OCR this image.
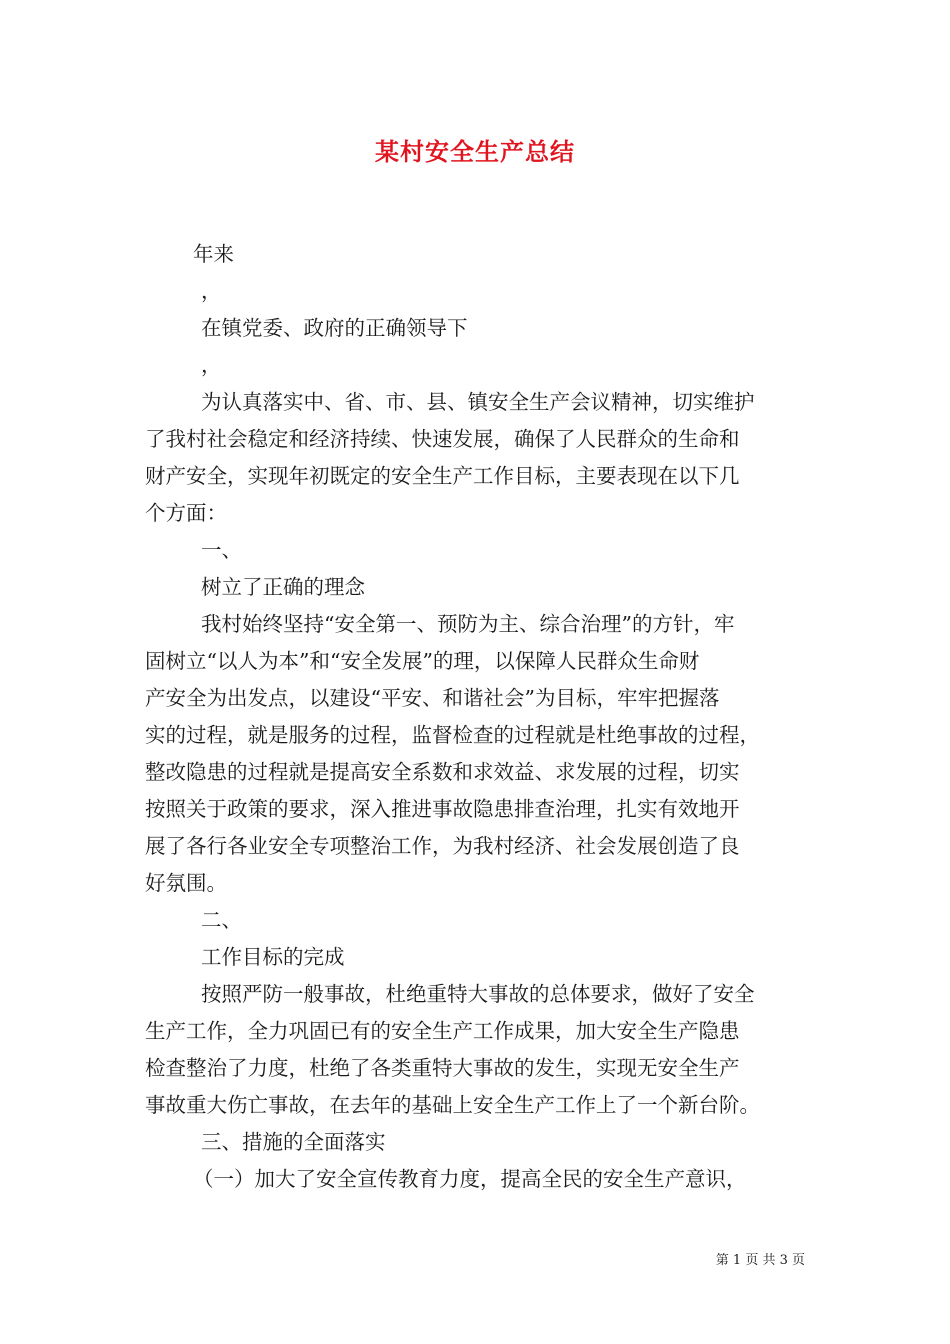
某村安全生产总结
年来
，
在镇党委、政府的正确领导下
，
为认真落实中、省、市、县、镇安全生产会议精神，切实维护
了我村社会稳定和经济持续、快速发展，确保了人民群众的生命和
财产安全，实现年初既定的安全生产工作目标，主要表现在以下几
个方面：
一、
树立了正确的理念
我村始终坚持“安全第一、预防为主、综合治理”的方针，牢
固树立“以人为本”和“安全发展”的理，以保障人民群众生命财
产安全为出发点，以建设“平安、和谐社会”为目标，牢牢把握落
实的过程，就是服务的过程，监督检查的过程就是杜绝事故的过程，
整改隐患的过程就是提高安全系数和求效益、求发展的过程，切实
按照关于政策的要求，深入推进事故隐患排查治理，扎实有效地开
展了各行各业安全专项整治工作，为我村经济、社会发展创造了良
好氛围。
二、
工作目标的完成
按照严防一般事故，杜绝重特大事故的总体要求，做好了安全
生产工作，全力巩固已有的安全生产工作成果，加大安全生产隐患
检查整治了力度，杜绝了各类重特大事故的发生，实现无安全生产
事故重大伤亡事故，在去年的基础上安全生产工作上了一个新台阶。
三、措施的全面落实
（一）加大了安全宣传教育力度，提高全民的安全生产意识，
第 1 页 共 3 页
